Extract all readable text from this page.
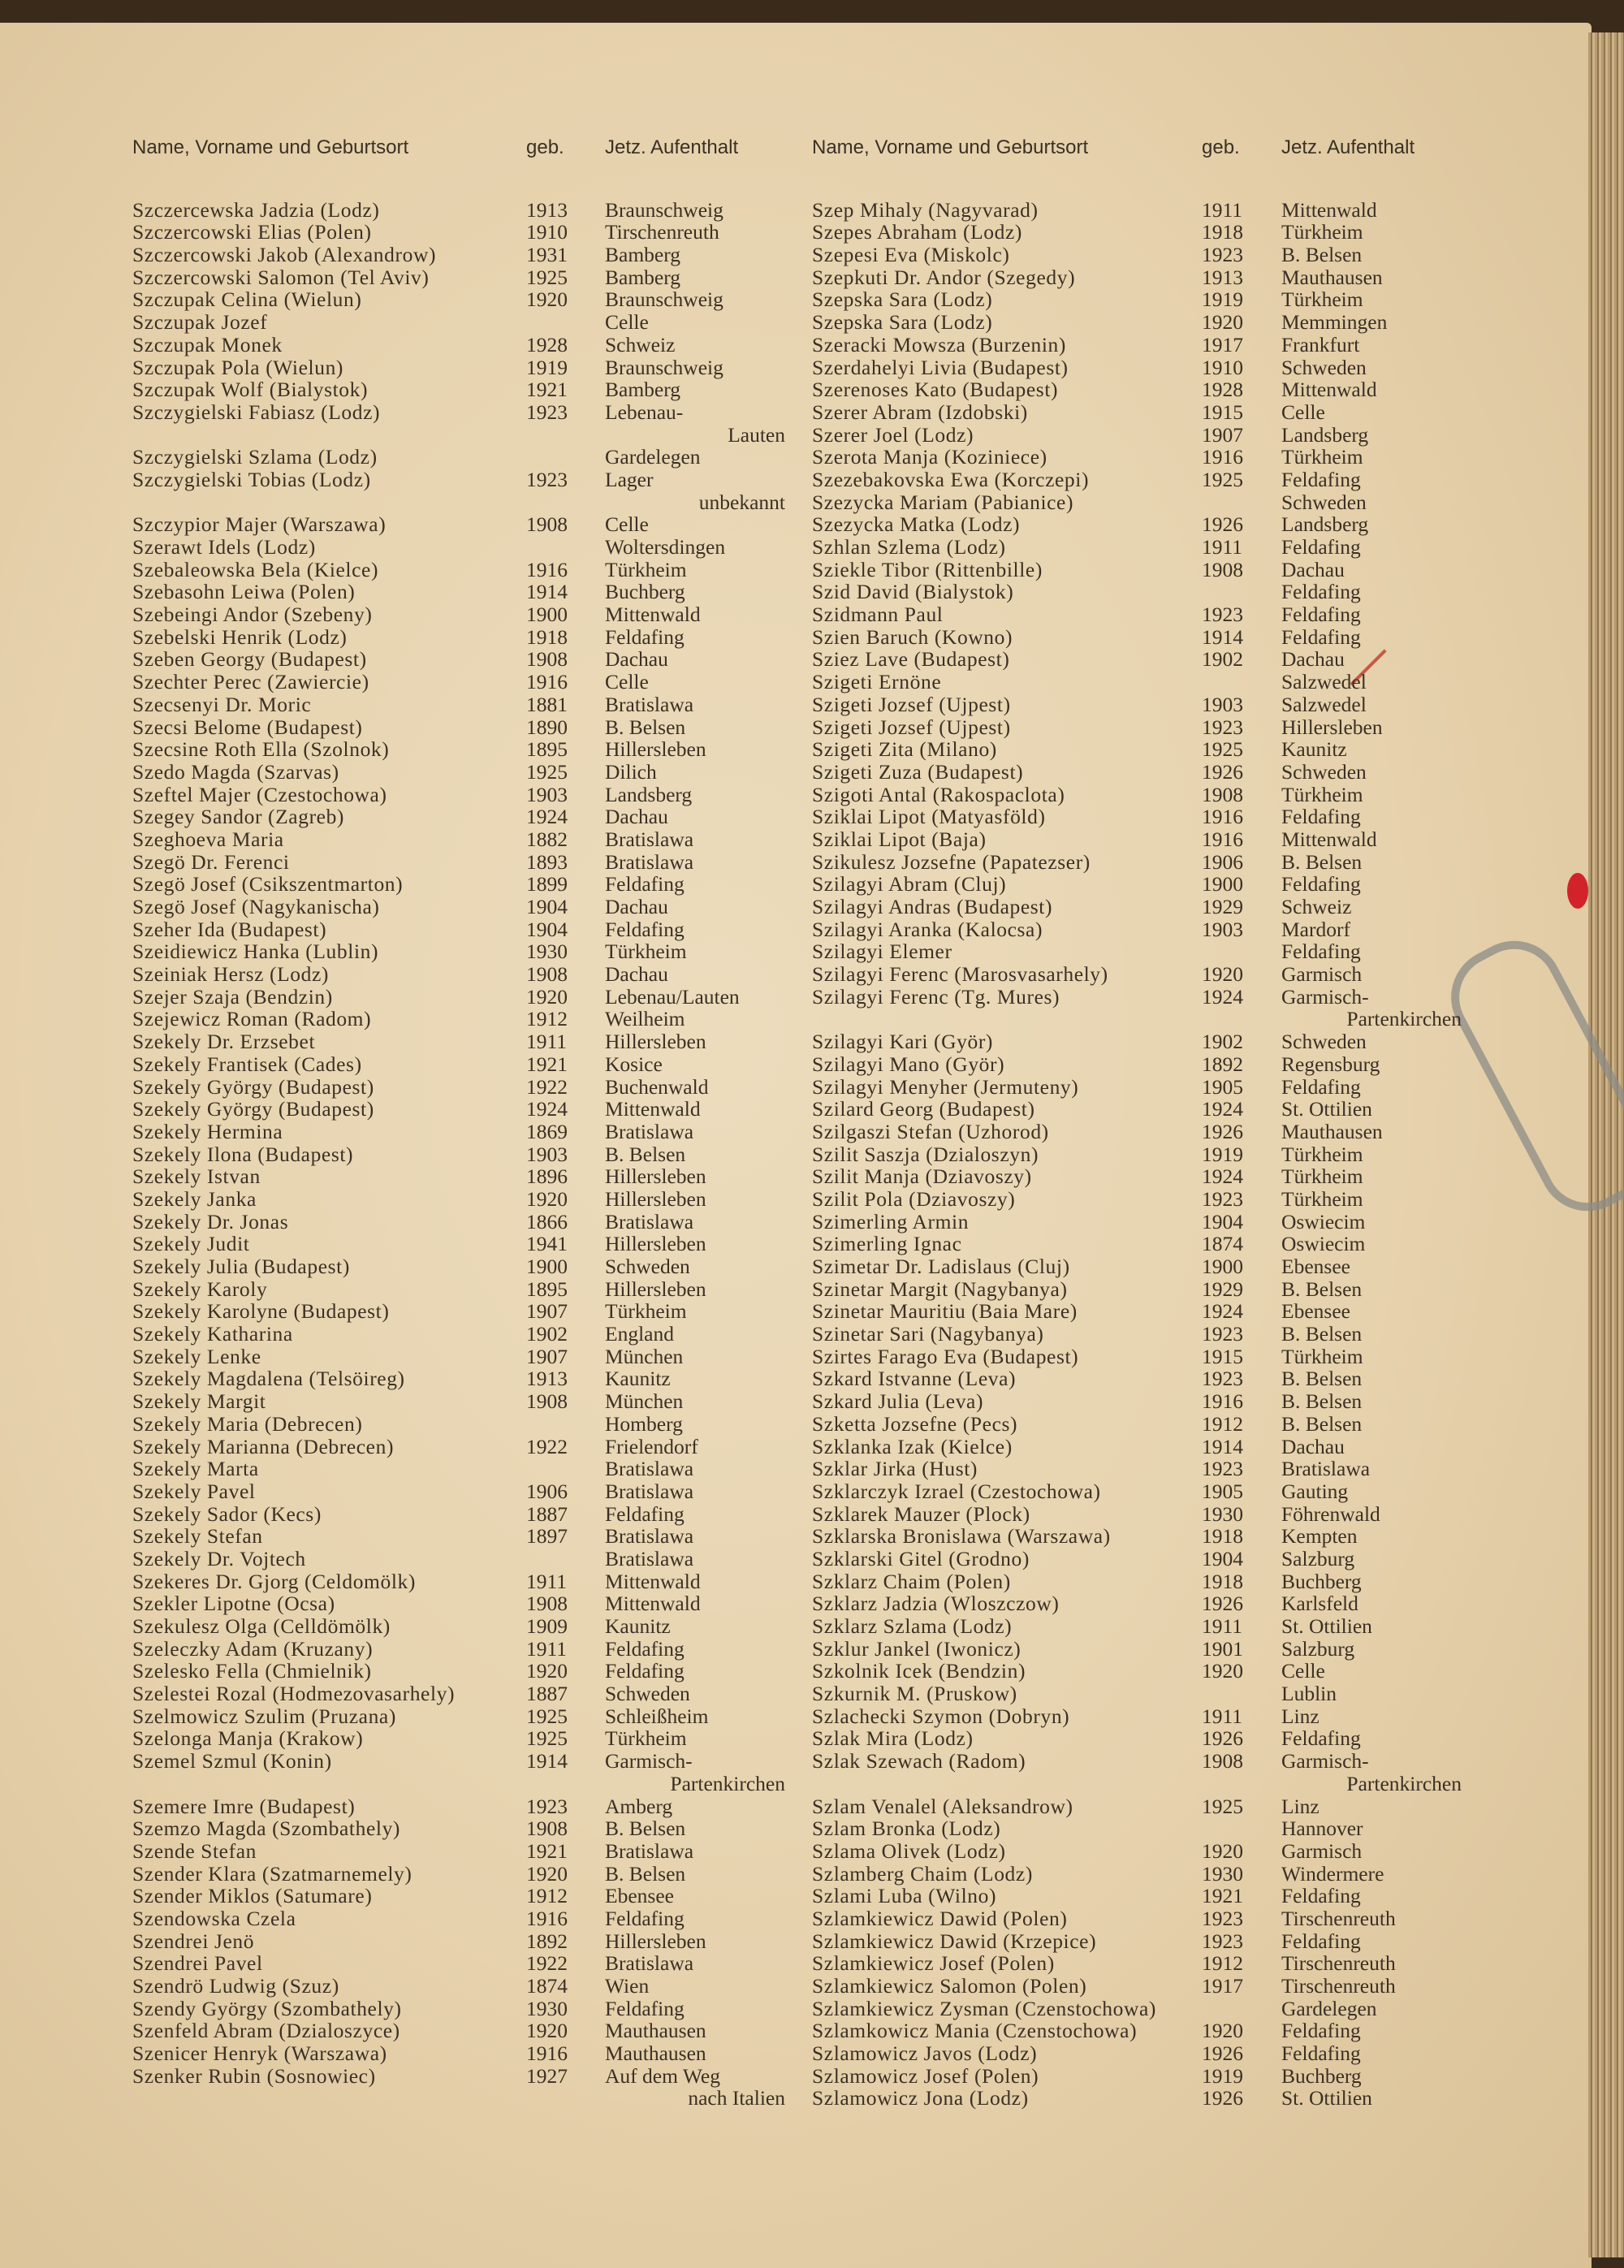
Name, Vorname und Geburtsort	geb. Jetz. Aufenthalt
Szczercewska Jadzia (Lodz)	1913 Braunschweig
Szczercowski Elias (Polen)	1910 Tirschenreuth
Szczercowski Jakob (Alexandrow)	1931 Bamberg
Szczercowski Salomon (Tel Aviv)	1925 Bamberg
Szczupak Celina (Wielun)	1920 Braunschweig
Szczupak Jozef	Celle
Szczupak Monek	1928 Schweiz
Szczupak Pola (Wielun)	1919 Braunschweig
Szczupak Wolf (Bialystok)	1921 Bamberg
Szczygielski Fabiasz (Lodz)	1923 Lebenau-
Lauten
Szczygielski Szlama (Lodz)	Gardelegen
Szczygielski Tobias (Lodz)	1923 Lager
unbekannt
Szczypior Majer (Warszawa)	1908 Celle
Szerawt Idels (Lodz)	Woltersdingen
Szebaleowska Bela (Kielce)	1916 Türkheim
Szebasohn Leiwa (Polen)	1914 Buchberg
Szebeingi Andor (Szebeny)	1900 Mittenwald
Szebelski Henrik (Lodz)	1918 Feldafing
Szeben Georgy (Budapest)	1908 Dachau
Szechter Perec (Zawiercie)	1916 Celle
Szecsenyi Dr. Moric	1881 Bratislawa
Szecsi Belome (Budapest)	1890 B. Belsen
Szecsine Roth Ella (Szolnok)	1895 Hillersleben
Szedo Magda (Szarvas)	1925 Dilich
Szeftel Majer (Czestochowa)	1903 Landsberg
Szegey Sandor (Zagreb)	1924 Dachau
Szeghoeva Maria	1882 Bratislawa
Szegö Dr. Ferenci	1893 Bratislawa
Szegö Josef (Csikszentmarton)	1899 Feldafing
Szegö Josef (Nagykanischa)	1904 Dachau
Szeher Ida (Budapest)	1904 Feldafing
Szeidiewicz Hanka (Lublin)	1930 Türkheim
Szeiniak Hersz (Lodz)	1908 Dachau
Szejer Szaja (Bendzin)	1920 Lebenau/Lauten
Szejewicz Roman (Radom)	1912 Weilheim
Szekely Dr. Erzsebet	1911 Hillersleben
Szekely Frantisek (Cades)	1921 Kosice
Szekely György (Budapest)	1922 Buchenwald
Szekely György (Budapest)	1924 Mittenwald
Szekely Hermina	1869 Bratislawa
Szekely Ilona (Budapest)	1903 B. Belsen
Szekely Istvan	1896 Hillersleben
Szekely Janka	1920 Hillersleben
Szekely Dr. Jonas	1866 Bratislawa
Szekely Judit	1941 Hillersleben
Szekely Julia (Budapest)	1900 Schweden
Szekely Karoly	1895 Hillersleben
Szekely Karolyne (Budapest)	1907 Türkheim
Szekely Katharina	1902 England
Szekely Lenke	1907 München
Szekely Magdalena (Telsöireg)	1913 Kaunitz
Szekely Margit	1908 München
Szekely Maria (Debrecen)	Homberg
Szekely Marianna (Debrecen)	1922 Frielendorf
Szekely Marta	Bratislawa
Szekely Pavel	1906 Bratislawa
Szekely Sador (Kecs)	1887 Feldafing
Szekely Stefan	1897 Bratislawa
Szekely Dr. Vojtech	Bratislawa
Szekeres Dr. Gjorg (Celdomölk)	1911 Mittenwald
Szekler Lipotne (Ocsa)	1908 Mittenwald
Szekulesz Olga (Celldömölk)	1909 Kaunitz
Szeleczky Adam (Kruzany)	1911 Feldafing
Szelesko Fella (Chmielnik)	1920 Feldafing
Szelestei Rozal (Hodmezovasarhely)	1887 Schweden
Szelmowicz Szulim (Pruzana)	1925 Schleißheim
Szelonga Manja (Krakow)	1925 Türkheim
Szemel Szmul (Konin)	1914 Garmisch-
Partenkirchen
Szemere Imre (Budapest)	1923 Amberg
Szemzo Magda (Szombathely)	1908 B. Belsen
Szende Stefan	1921 Bratislawa
Szender Klara (Szatmarnemely)	1920 B. Belsen
Szender Miklos (Satumare)	1912 Ebensee
Szendowska Czela	1916 Feldafing
Szendrei Jenö	1892 Hillersleben
Szendrei Pavel	1922 Bratislawa
Szendrö Ludwig (Szuz)	1874 Wien
Szendy György (Szombathely)	1930 Feldafing
Szenfeld Abram (Dzialoszyce)	1920 Mauthausen
Szenicer Henryk (Warszawa)	1916 Mauthausen
Szenker Rubin (Sosnowiec)	1927 Auf dem Weg
nach Italien
Name, Vorname und Geburtsort	geb. Jetz. Aufenthalt
Szep Mihaly (Nagyvarad)	1911 Mittenwald
Szepes Abraham (Lodz)	1918 Türkheim
Szepesi Eva (Miskolc)	1923 B. Belsen
Szepkuti Dr. Andor (Szegedy)	1913 Mauthausen
Szepska Sara (Lodz)	1919 Türkheim
Szepska Sara (Lodz)	1920 Memmingen
Szeracki Mowsza (Burzenin)	1917 Frankfurt
Szerdahelyi Livia (Budapest)	1910 Schweden
Szerenoses Kato (Budapest)	1928 Mittenwald
Szerer Abram (Izdobski)	1915 Celle
Szerer Joel (Lodz)	1907 Landsberg
Szerota Manja (Koziniece)	1916 Türkheim
Szezebakovska Ewa (Korczepi)	1925 Feldafing
Szezycka Mariam (Pabianice)	Schweden
Szezycka Matka (Lodz)	1926 Landsberg
Szhlan Szlema (Lodz)	1911 Feldafing
Sziekle Tibor (Rittenbille)	1908 Dachau
Szid David (Bialystok)	Feldafing
Szidmann Paul	1923 Feldafing
Szien Baruch (Kowno)	1914 Feldafing
Sziez Lave (Budapest)	1902 Dachau
Szigeti Ernöne	Salzwedel
Szigeti Jozsef (Ujpest)	1903 Salzwedel
Szigeti Jozsef (Ujpest)	1923 Hillersleben
Szigeti Zita (Milano)	1925 Kaunitz
Szigeti Zuza (Budapest)	1926 Schweden
Szigoti Antal (Rakospaclota)	1908 Türkheim
Sziklai Lipot (Matyasföld)	1916 Feldafing
Sziklai Lipot (Baja)	1916 Mittenwald
Szikulesz Jozsefne (Papatezser)	1906 B. Belsen
Szilagyi Abram (Cluj)	1900 Feldafing
Szilagyi Andras (Budapest)	1929 Schweiz
Szilagyi Aranka (Kalocsa)	1903 Mardorf
Szilagyi Elemer	Feldafing
Szilagyi Ferenc (Marosvasarhely)	1920 Garmisch
Szilagyi Ferenc (Tg. Mures)	1924 Garmisch-
Partenkirchen
Szilagyi Kari (Györ)	1902 Schweden
Szilagyi Mano (Györ)	1892 Regensburg
Szilagyi Menyher (Jermuteny)	1905 Feldafing
Szilard Georg (Budapest)	1924 St. Ottilien
Szilgaszi Stefan (Uzhorod)	1926 Mauthausen
Szilit Saszja (Dzialoszyn)	1919 Türkheim
Szilit Manja (Dziavoszy)	1924 Türkheim
Szilit Pola (Dziavoszy)	1923 Türkheim
Szimerling Armin	1904 Oswiecim
Szimerling Ignac	1874 Oswiecim
Szimetar Dr. Ladislaus (Cluj)	1900 Ebensee
Szinetar Margit (Nagybanya)	1929 B. Belsen
Szinetar Mauritiu (Baia Mare)	1924 Ebensee
Szinetar Sari (Nagybanya)	1923 B. Belsen
Szirtes Farago Eva (Budapest)	1915 Türkheim
Szkard Istvanne (Leva)	1923 B. Belsen
Szkard Julia (Leva)	1916 B. Belsen
Szketta Jozsefne (Pecs)	1912 B. Belsen
Szklanka Izak (Kielce)	1914 Dachau
Szklar Jirka (Hust)	1923 Bratislawa
Szklarczyk Izrael (Czestochowa)	1905 Gauting
Szklarek Mauzer (Plock)	1930 Föhrenwald
Szklarska Bronislawa (Warszawa)	1918 Kempten
Szklarski Gitel (Grodno)	1904 Salzburg
Szklarz Chaim (Polen)	1918 Buchberg
Szklarz Jadzia (Wloszczow)	1926 Karlsfeld
Szklarz Szlama (Lodz)	1911 St. Ottilien
Szklur Jankel (Iwonicz)	1901 Salzburg
Szkolnik Icek (Bendzin)	1920 Celle
Szkurnik M. (Pruskow)	Lublin
Szlachecki Szymon (Dobryn)	1911 Linz
Szlak Mira (Lodz)	1926 Feldafing
Szlak Szewach (Radom)	1908 Garmisch-
Partenkirchen
Szlam Venalel (Aleksandrow)	1925 Linz
Szlam Bronka (Lodz)	Hannover
Szlama Olivek (Lodz)	1920 Garmisch
Szlamberg Chaim (Lodz)	1930 Windermere
Szlami Luba (Wilno)	1921 Feldafing
Szlamkiewicz Dawid (Polen)	1923 Tirschenreuth
Szlamkiewicz Dawid (Krzepice)	1923 Feldafing
Szlamkiewicz Josef (Polen)	1912 Tirschenreuth
Szlamkiewicz Salomon (Polen)	1917 Tirschenreuth
Szlamkiewicz Zysman (Czenstochowa)	Gardelegen
Szlamkowicz Mania (Czenstochowa)	1920 Feldafing
Szlamowicz Javos (Lodz)	1926 Feldafing
Szlamowicz Josef (Polen)	1919 Buchberg
Szlamowicz Jona (Lodz)	1926 St. Ottilien
